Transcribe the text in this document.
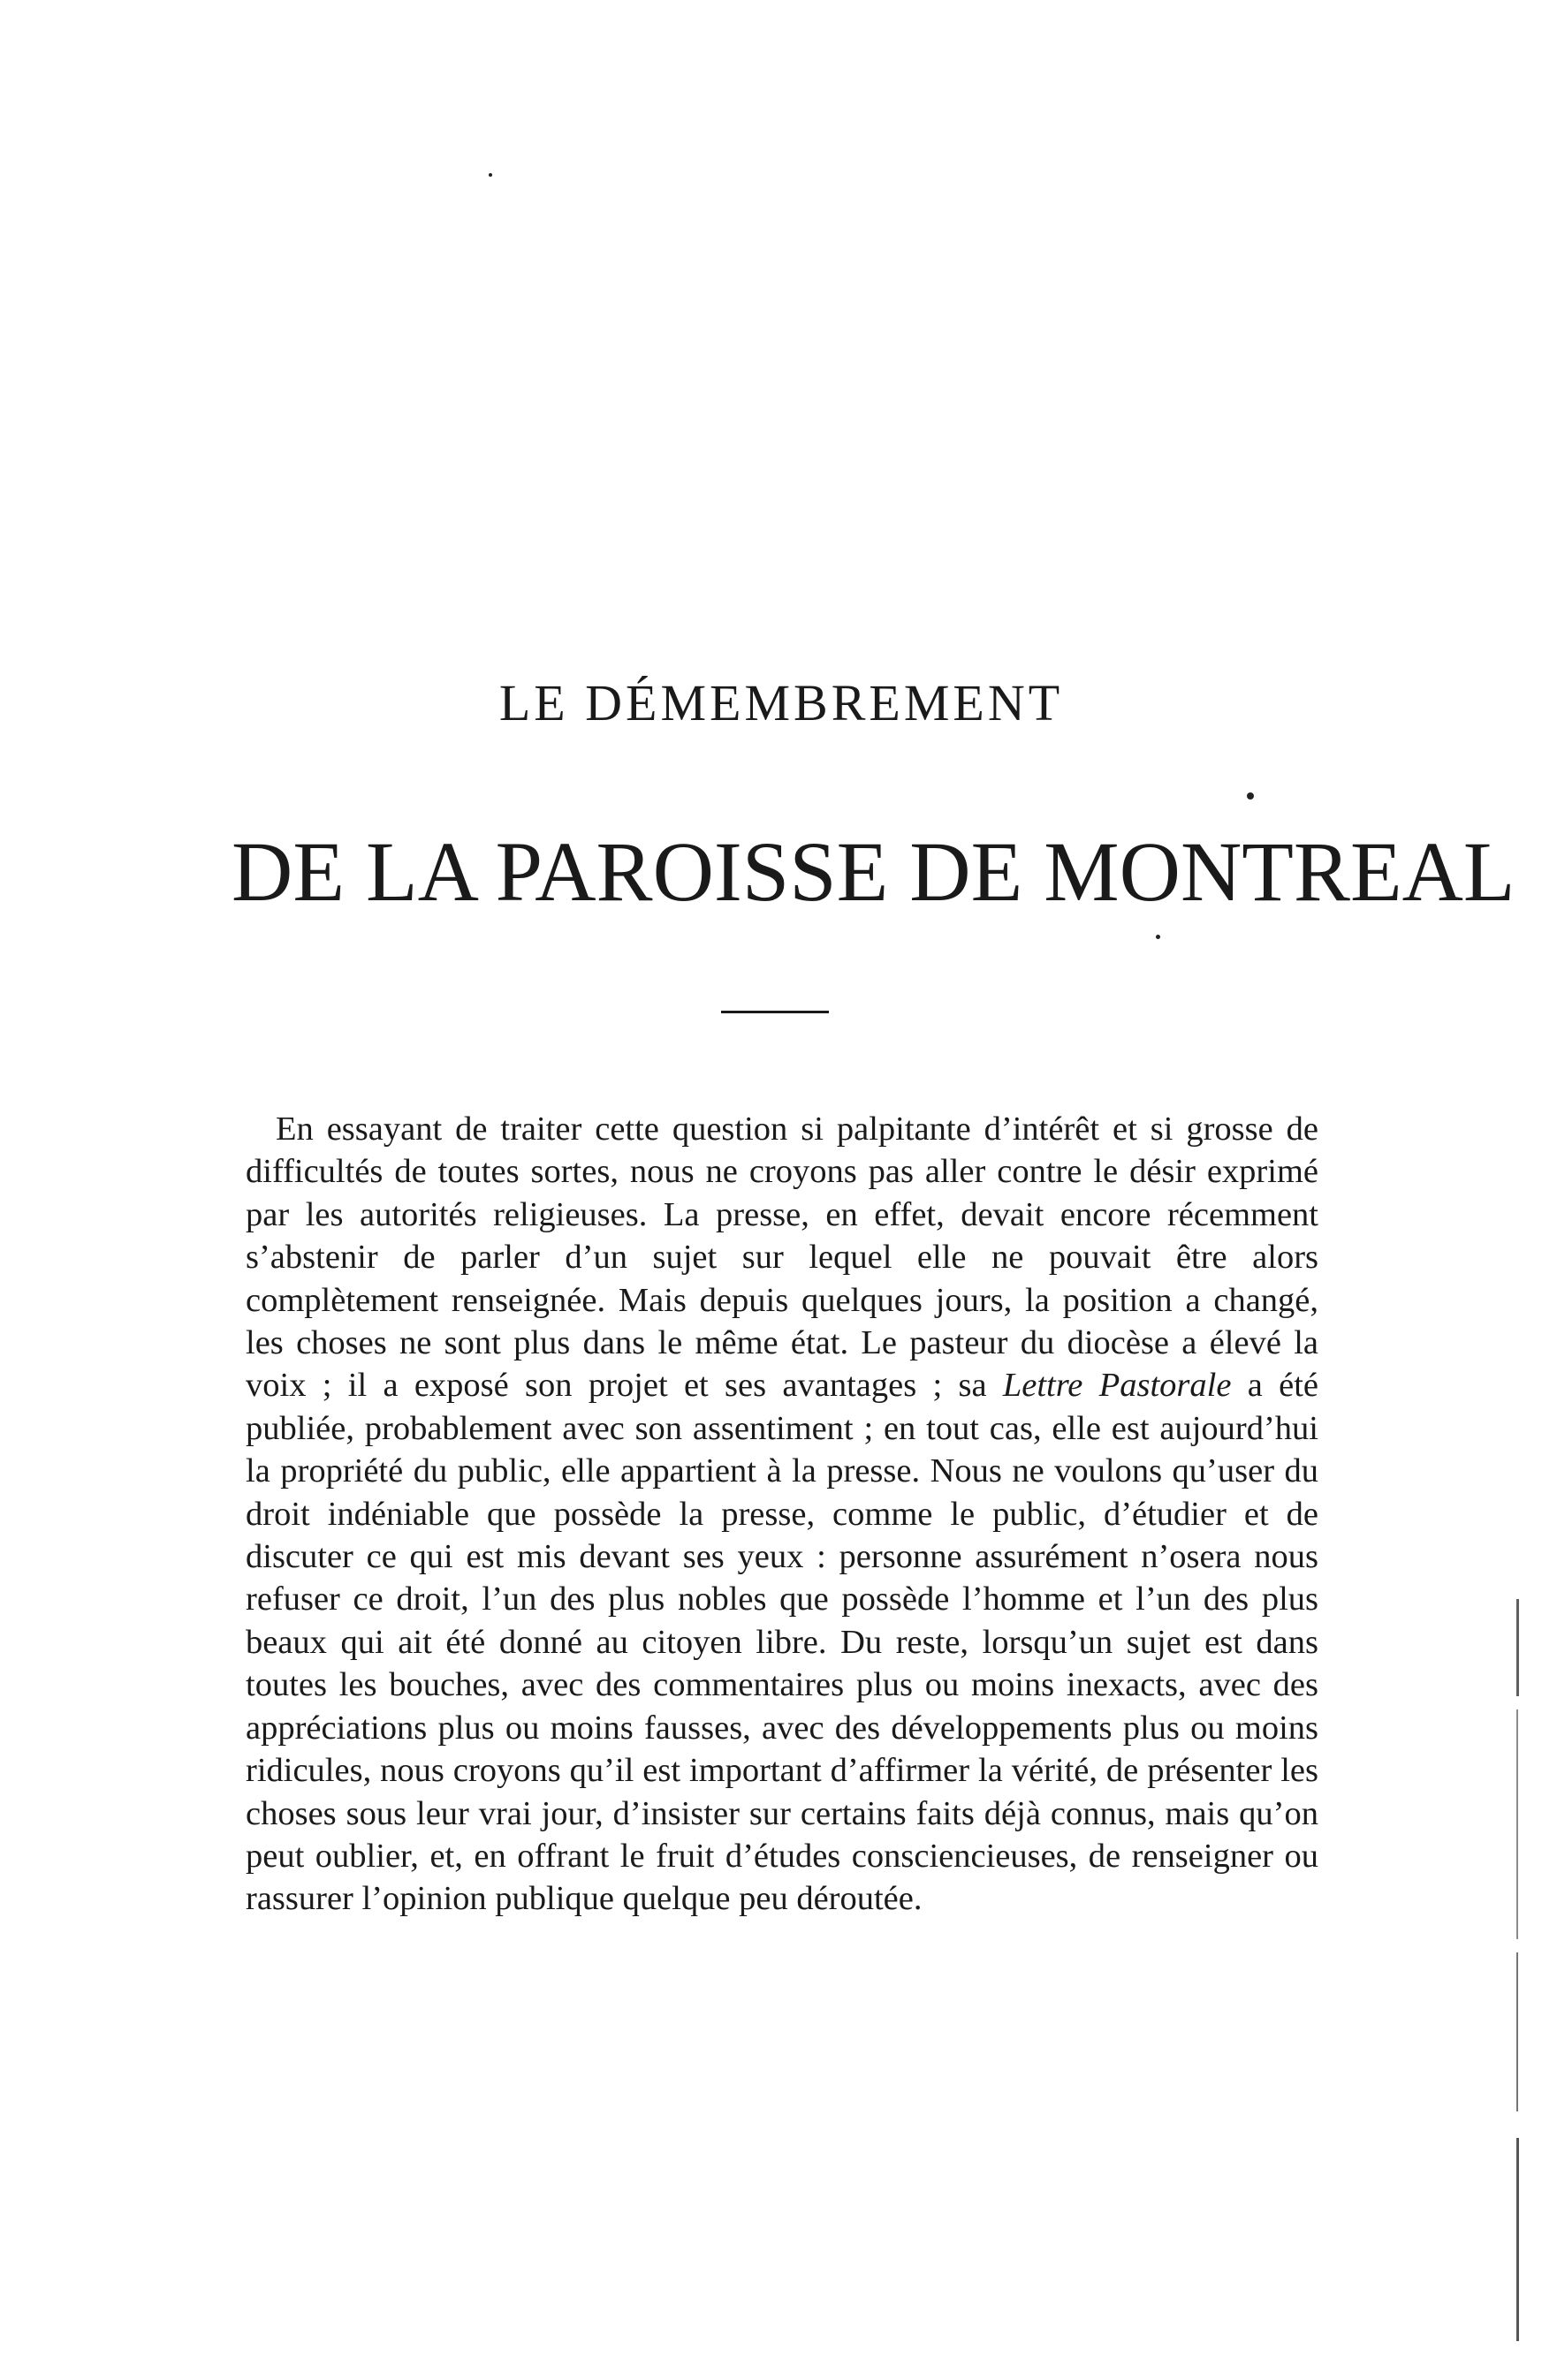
LE DÉMEMBREMENT
DE LA PAROISSE DE MONTREAL

En essayant de traiter cette question si palpitante d’intérêt et si grosse de difficultés de toutes sortes, nous ne croyons pas aller contre le désir exprimé par les autorités religieuses. La presse, en effet, devait encore récemment s’abstenir de parler d’un sujet sur lequel elle ne pouvait être alors complètement renseignée. Mais depuis quelques jours, la position a changé, les choses ne sont plus dans le même état. Le pasteur du diocèse a élevé la voix ; il a exposé son projet et ses avantages ; sa Lettre Pastorale a été publiée, probablement avec son assentiment ; en tout cas, elle est aujourd’hui la propriété du public, elle appartient à la presse. Nous ne voulons qu’user du droit indéniable que possède la presse, comme le public, d’étudier et de discuter ce qui est mis devant ses yeux : personne assurément n’osera nous refuser ce droit, l’un des plus nobles que possède l’homme et l’un des plus beaux qui ait été donné au citoyen libre. Du reste, lorsqu’un sujet est dans toutes les bouches, avec des commentaires plus ou moins inexacts, avec des appréciations plus ou moins fausses, avec des développements plus ou moins ridicules, nous croyons qu’il est important d’affirmer la vérité, de présenter les choses sous leur vrai jour, d’insister sur certains faits déjà connus, mais qu’on peut oublier, et, en offrant le fruit d’études consciencieuses, de renseigner ou rassurer l’opinion publique quelque peu déroutée.
